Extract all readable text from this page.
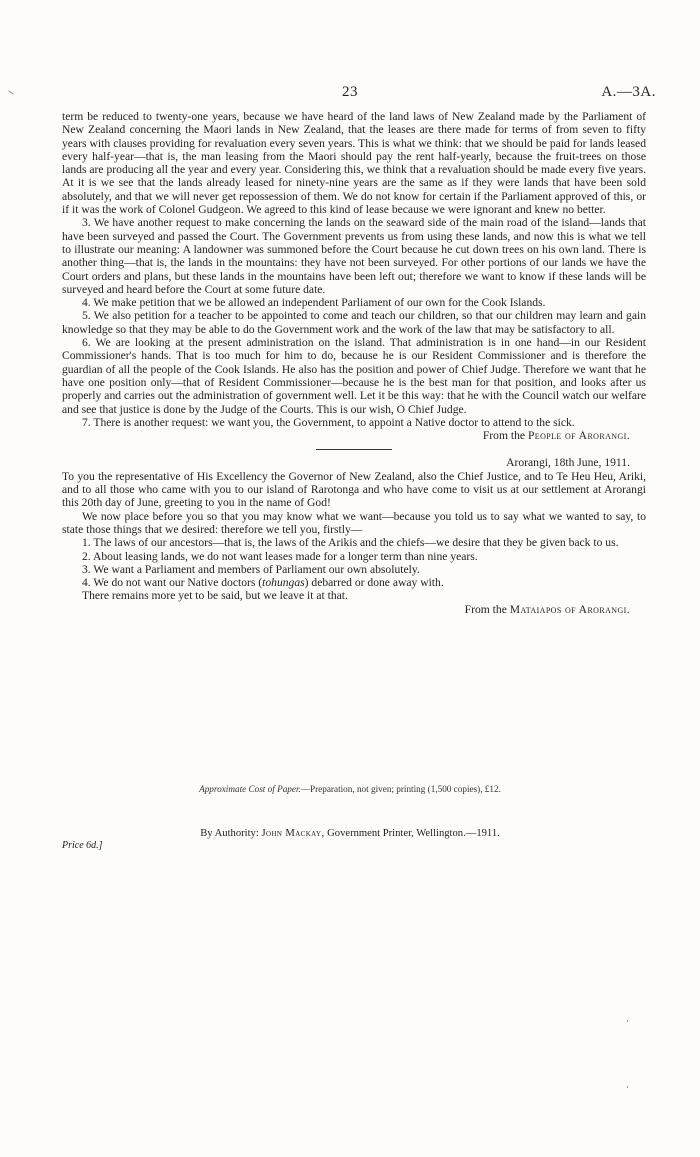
23	A.—3A.

term be reduced to twenty-one years, because we have heard of the land laws of New Zealand made by the Parliament of New Zealand concerning the Maori lands in New Zealand, that the leases are there made for terms of from seven to fifty years with clauses providing for revaluation every seven years. This is what we think: that we should be paid for lands leased every half-year—that is, the man leasing from the Maori should pay the rent half-yearly, because the fruit-trees on those lands are producing all the year and every year. Considering this, we think that a revaluation should be made every five years. At it is we see that the lands already leased for ninety-nine years are the same as if they were lands that have been sold absolutely, and that we will never get repossession of them. We do not know for certain if the Parliament approved of this, or if it was the work of Colonel Gudgeon. We agreed to this kind of lease because we were ignorant and knew no better.

3. We have another request to make concerning the lands on the seaward side of the main road of the island—lands that have been surveyed and passed the Court. The Government prevents us from using these lands, and now this is what we tell to illustrate our meaning: A landowner was summoned before the Court because he cut down trees on his own land. There is another thing—that is, the lands in the mountains: they have not been surveyed. For other portions of our lands we have the Court orders and plans, but these lands in the mountains have been left out; therefore we want to know if these lands will be surveyed and heard before the Court at some future date.

4. We make petition that we be allowed an independent Parliament of our own for the Cook Islands.

5. We also petition for a teacher to be appointed to come and teach our children, so that our children may learn and gain knowledge so that they may be able to do the Government work and the work of the law that may be satisfactory to all.

6. We are looking at the present administration on the island. That administration is in one hand—in our Resident Commissioner's hands. That is too much for him to do, because he is our Resident Commissioner and is therefore the guardian of all the people of the Cook Islands. He also has the position and power of Chief Judge. Therefore we want that he have one position only—that of Resident Commissioner—because he is the best man for that position, and looks after us properly and carries out the administration of government well. Let it be this way: that he with the Council watch our welfare and see that justice is done by the Judge of the Courts. This is our wish, O Chief Judge.

7. There is another request: we want you, the Government, to appoint a Native doctor to attend to the sick.

From the People of Arorangi.

Arorangi, 18th June, 1911.

To you the representative of His Excellency the Governor of New Zealand, also the Chief Justice, and to Te Heu Heu, Ariki, and to all those who came with you to our island of Rarotonga and who have come to visit us at our settlement at Arorangi this 20th day of June, greeting to you in the name of God!

We now place before you so that you may know what we want—because you told us to say what we wanted to say, to state those things that we desired: therefore we tell you, firstly—

1. The laws of our ancestors—that is, the laws of the Arikis and the chiefs—we desire that they be given back to us.

2. About leasing lands, we do not want leases made for a longer term than nine years.

3. We want a Parliament and members of Parliament our own absolutely.

4. We do not want our Native doctors (tohungas) debarred or done away with.

There remains more yet to be said, but we leave it at that.

From the Mataiapos of Arorangi.

Approximate Cost of Paper.—Preparation, not given; printing (1,500 copies), £12.
By Authority: John Mackay, Government Printer, Wellington.—1911.
Price 6d.]
